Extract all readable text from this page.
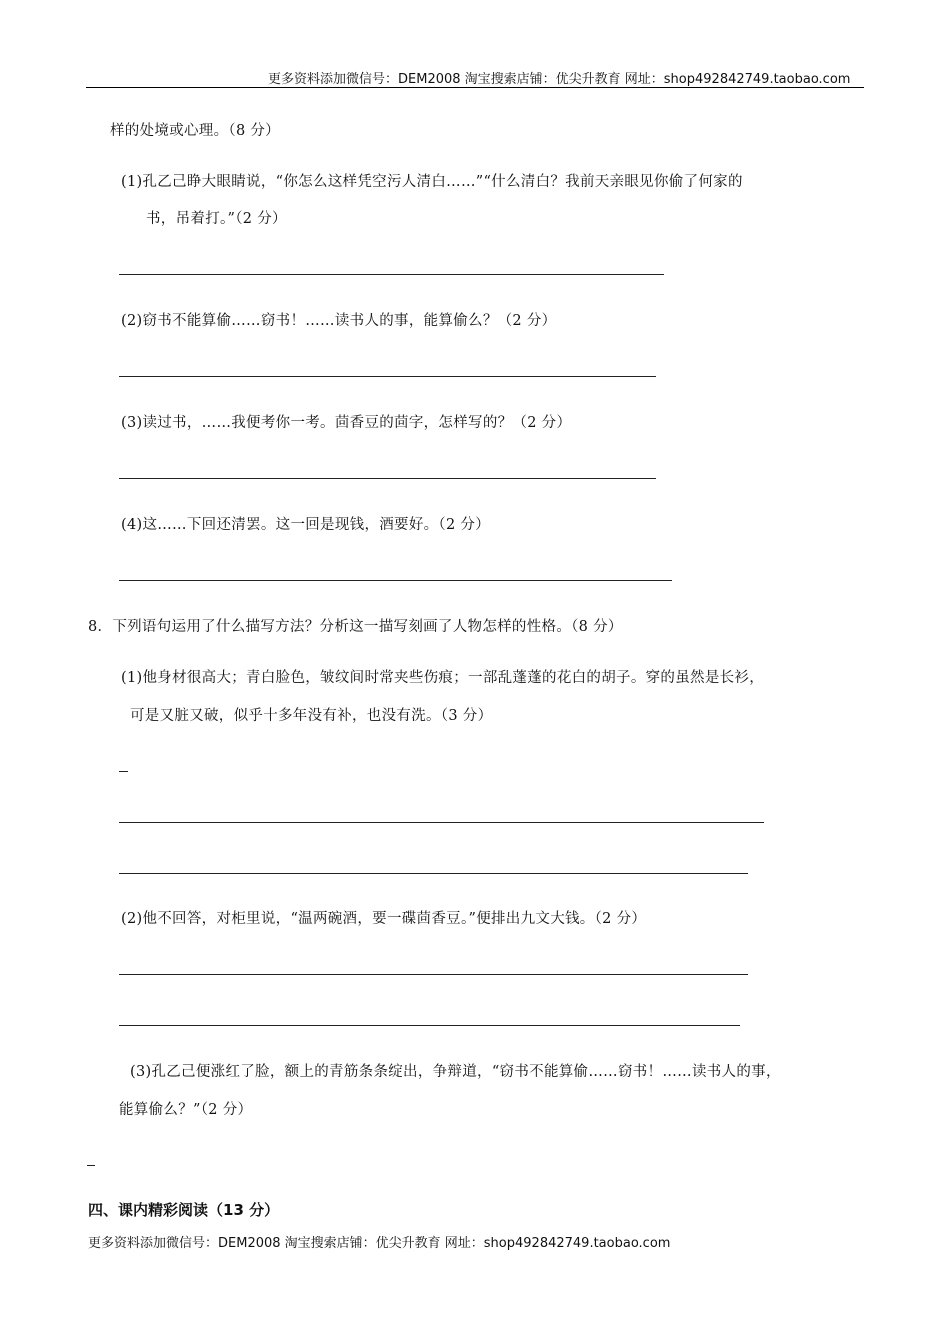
更多资料添加微信号：DEM2008 淘宝搜索店铺：优尖升教育 网址：shop492842749.taobao.com
样的处境或心理。（8 分）
(1)孔乙己睁大眼睛说，“你怎么这样凭空污人清白……”“什么清白？我前天亲眼见你偷了何家的
书，吊着打。”（2 分）
(2)窃书不能算偷……窃书！……读书人的事，能算偷么？（2 分）
(3)读过书，……我便考你一考。茴香豆的茴字，怎样写的？（2 分）
(4)这……下回还清罢。这一回是现钱，酒要好。（2 分）
8．下列语句运用了什么描写方法？分析这一描写刻画了人物怎样的性格。（8 分）
(1)他身材很高大；青白脸色，皱纹间时常夹些伤痕；一部乱蓬蓬的花白的胡子。穿的虽然是长衫，
可是又脏又破，似乎十多年没有补，也没有洗。（3 分）
(2)他不回答，对柜里说，“温两碗酒，要一碟茴香豆。”便排出九文大钱。（2 分）
(3)孔乙己便涨红了脸，额上的青筋条条绽出，争辩道，“窃书不能算偷……窃书！……读书人的事，
能算偷么？”（2 分）
四、课内精彩阅读（13 分）
更多资料添加微信号：DEM2008 淘宝搜索店铺：优尖升教育 网址：shop492842749.taobao.com
